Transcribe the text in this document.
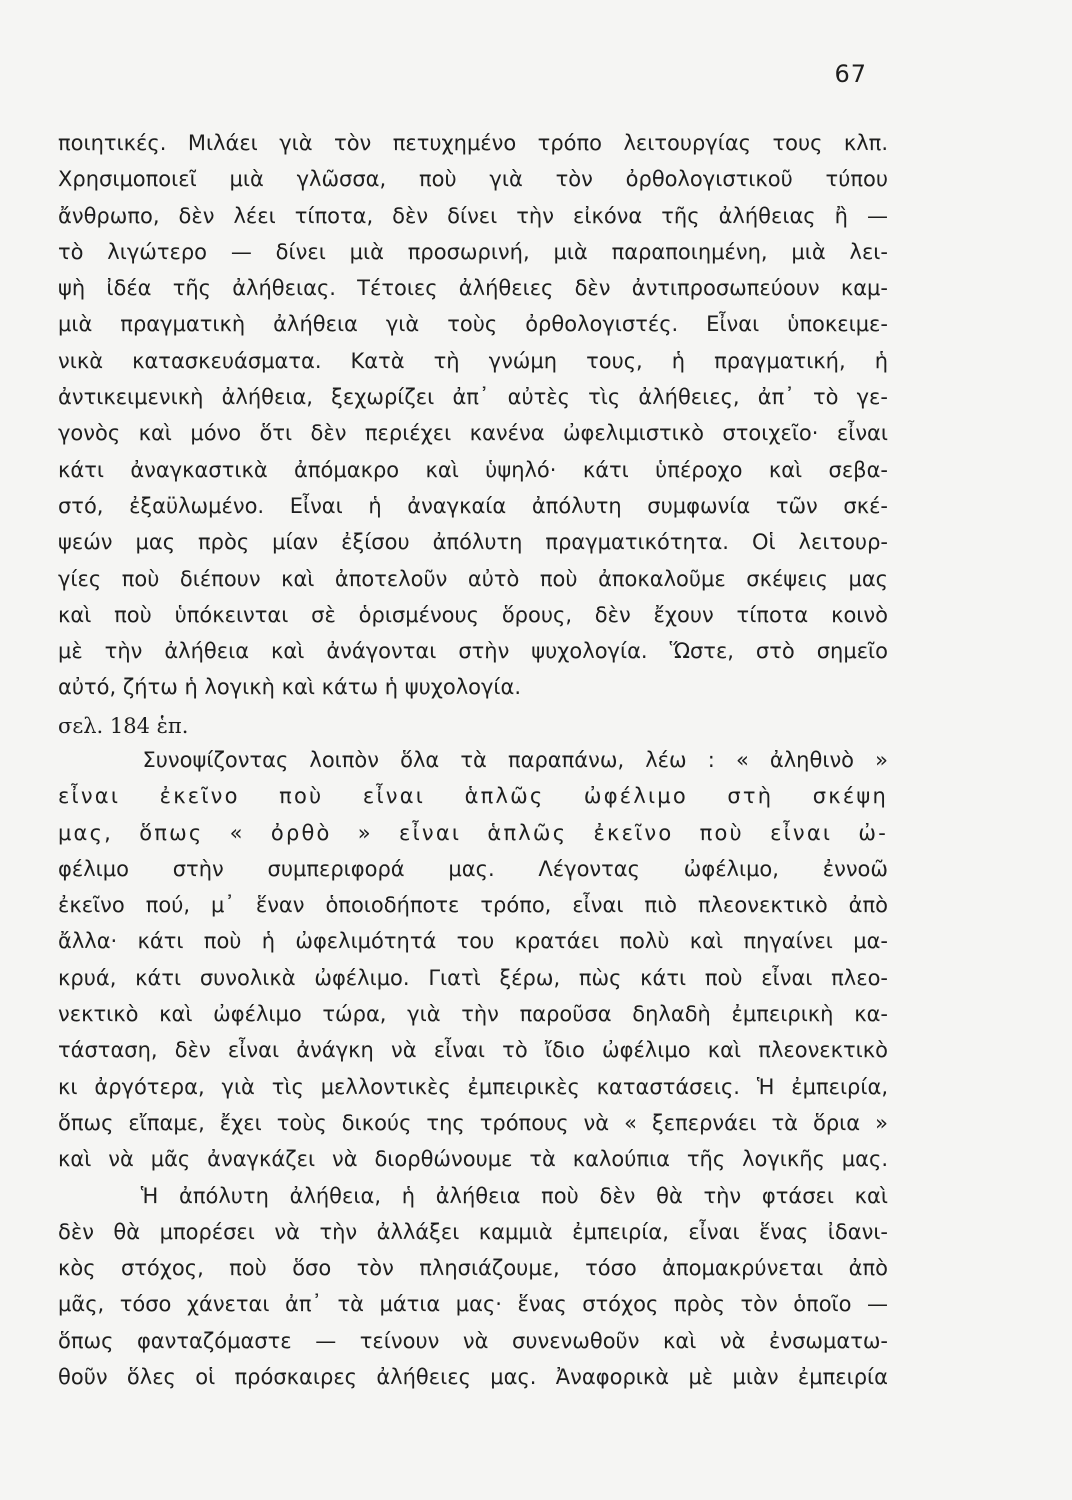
67
ποιητικές. Μιλάει γιὰ τὸν πετυχημένο τρόπο λειτουργίας τους κλπ.
Χρησιμοποιεῖ μιὰ γλῶσσα, ποὺ γιὰ τὸν ὀρθολογιστικοῦ τύπου
ἄνθρωπο, δὲν λέει τίποτα, δὲν δίνει τὴν εἰκόνα τῆς ἀλήθειας ἢ —
τὸ λιγώτερο — δίνει μιὰ προσωρινή, μιὰ παραποιημένη, μιὰ λει-
ψὴ ἰδέα τῆς ἀλήθειας. Τέτοιες ἀλήθειες δὲν ἀντιπροσωπεύουν καμ-
μιὰ πραγματικὴ ἀλήθεια γιὰ τοὺς ὀρθολογιστές. Εἶναι ὑποκειμε-
νικὰ κατασκευάσματα. Κατὰ τὴ γνώμη τους, ἡ πραγματική, ἡ
ἀντικειμενικὴ ἀλήθεια, ξεχωρίζει ἀπ᾽ αὐτὲς τὶς ἀλήθειες, ἀπ᾽ τὸ γε-
γονὸς καὶ μόνο ὅτι δὲν περιέχει κανένα ὠφελιμιστικὸ στοιχεῖο· εἶναι
κάτι ἀναγκαστικὰ ἀπόμακρο καὶ ὑψηλό· κάτι ὑπέροχο καὶ σεβα-
στό, ἐξαϋλωμένο. Εἶναι ἡ ἀναγκαία ἀπόλυτη συμφωνία τῶν σκέ-
ψεών μας πρὸς μίαν ἐξίσου ἀπόλυτη πραγματικότητα. Οἱ λειτουρ-
γίες ποὺ διέπουν καὶ ἀποτελοῦν αὐτὸ ποὺ ἀποκαλοῦμε σκέψεις μας
καὶ ποὺ ὑπόκεινται σὲ ὁρισμένους ὅρους, δὲν ἔχουν τίποτα κοινὸ
μὲ τὴν ἀλήθεια καὶ ἀνάγονται στὴν ψυχολογία. Ὥστε, στὸ σημεῖο
αὐτό, ζήτω ἡ λογικὴ καὶ κάτω ἡ ψυχολογία.
σελ. 184 ἑπ.
Συνοψίζοντας λοιπὸν ὅλα τὰ παραπάνω, λέω : « ἀληθινὸ »
εἶναι ἐκεῖνο ποὺ εἶναι ἁπλῶς ὠφέλιμο στὴ σκέψη
μας, ὅπως « ὀρθὸ » εἶναι ἁπλῶς ἐκεῖνο ποὺ εἶναι ὠ-
φέλιμο στὴν συμπεριφορά μας. Λέγοντας ὠφέλιμο, ἐννοῶ
ἐκεῖνο πού, μ᾽ ἕναν ὁποιοδήποτε τρόπο, εἶναι πιὸ πλεονεκτικὸ ἀπὸ
ἄλλα· κάτι ποὺ ἡ ὠφελιμότητά του κρατάει πολὺ καὶ πηγαίνει μα-
κρυά, κάτι συνολικὰ ὠφέλιμο. Γιατὶ ξέρω, πὼς κάτι ποὺ εἶναι πλεο-
νεκτικὸ καὶ ὠφέλιμο τώρα, γιὰ τὴν παροῦσα δηλαδὴ ἐμπειρικὴ κα-
τάσταση, δὲν εἶναι ἀνάγκη νὰ εἶναι τὸ ἴδιο ὠφέλιμο καὶ πλεονεκτικὸ
κι ἀργότερα, γιὰ τὶς μελλοντικὲς ἐμπειρικὲς καταστάσεις. Ἡ ἐμπειρία,
ὅπως εἴπαμε, ἔχει τοὺς δικούς της τρόπους νὰ « ξεπερνάει τὰ ὅρια »
καὶ νὰ μᾶς ἀναγκάζει νὰ διορθώνουμε τὰ καλούπια τῆς λογικῆς μας.
Ἡ ἀπόλυτη ἀλήθεια, ἡ ἀλήθεια ποὺ δὲν θὰ τὴν φτάσει καὶ
δὲν θὰ μπορέσει νὰ τὴν ἀλλάξει καμμιὰ ἐμπειρία, εἶναι ἕνας ἰδανι-
κὸς στόχος, ποὺ ὅσο τὸν πλησιάζουμε, τόσο ἀπομακρύνεται ἀπὸ
μᾶς, τόσο χάνεται ἀπ᾽ τὰ μάτια μας· ἕνας στόχος πρὸς τὸν ὁποῖο —
ὅπως φανταζόμαστε — τείνουν νὰ συνενωθοῦν καὶ νὰ ἐνσωματω-
θοῦν ὅλες οἱ πρόσκαιρες ἀλήθειες μας. Ἀναφορικὰ μὲ μιὰν ἐμπειρία
